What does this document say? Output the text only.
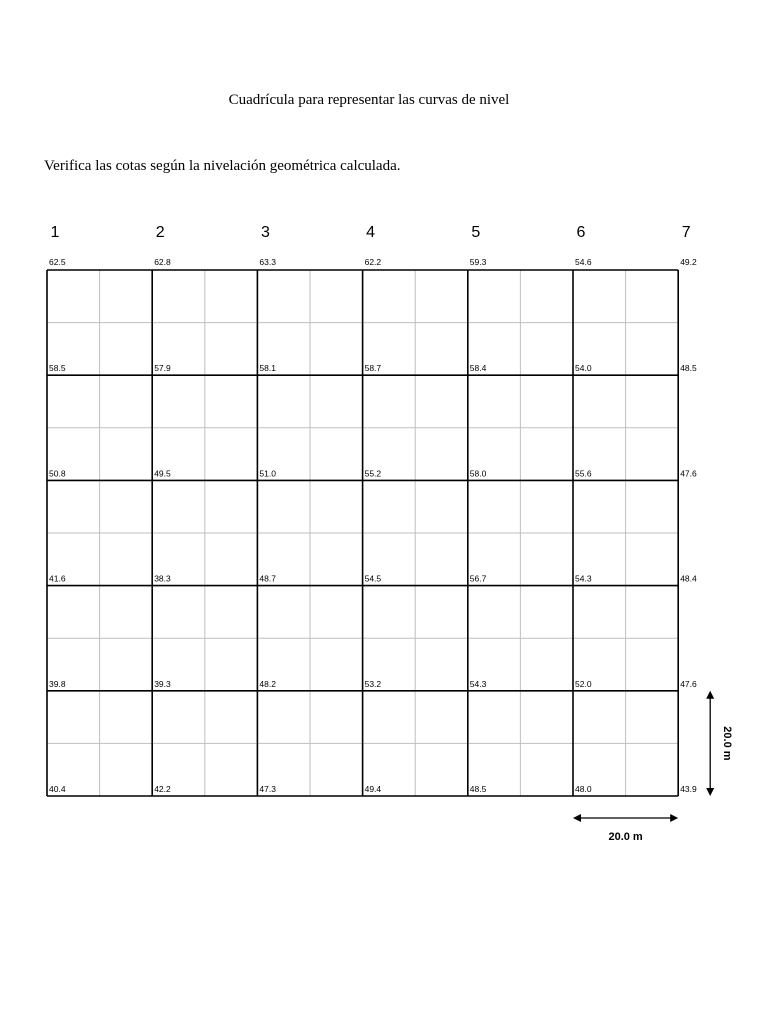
Cuadrícula para representar las curvas de nivel
Verifica las cotas según la nivelación geométrica calculada.
1	2	3	4	5	6	7
62.5	62.8	63.3	62.2	59.3	54.6	49.2
58.5	57.9	58.1	58.7	58.4	54.0	48.5
50.8	49.5	51.0	55.2	58.0	55.6	47.6
41.6	38.3	48.7	54.5	56.7	54.3	48.4
39.8	39.3	48.2	53.2	54.3	52.0	47.6
40.4	42.2	47.3	49.4	48.5	48.0	43.9
20.0 m
20.0 m
